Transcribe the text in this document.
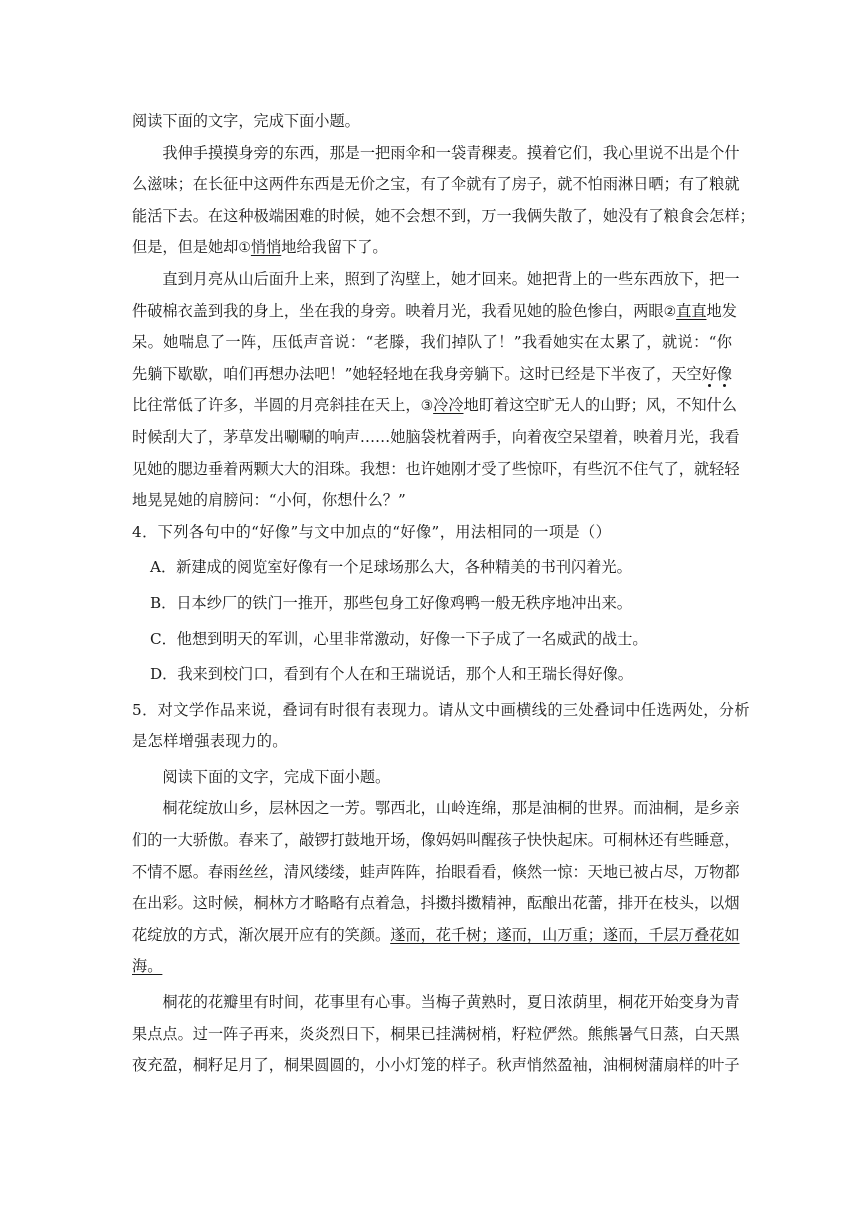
阅读下面的文字，完成下面小题。
我伸手摸摸身旁的东西，那是一把雨伞和一袋青稞麦。摸着它们，我心里说不出是个什
么滋味；在长征中这两件东西是无价之宝，有了伞就有了房子，就不怕雨淋日晒；有了粮就
能活下去。在这种极端困难的时候，她不会想不到，万一我俩失散了，她没有了粮食会怎样；
但是，但是她却①悄悄地给我留下了。
直到月亮从山后面升上来，照到了沟壁上，她才回来。她把背上的一些东西放下，把一
件破棉衣盖到我的身上，坐在我的身旁。映着月光，我看见她的脸色惨白，两眼②直直地发
呆。她喘息了一阵，压低声音说：“老滕，我们掉队了！”我看她实在太累了，就说：“你
先躺下歇歇，咱们再想办法吧！”她轻轻地在我身旁躺下。这时已经是下半夜了，天空好像
比往常低了许多，半圆的月亮斜挂在天上，③冷冷地盯着这空旷无人的山野；风，不知什么
时候刮大了，茅草发出唰唰的响声……她脑袋枕着两手，向着夜空呆望着，映着月光，我看
见她的腮边垂着两颗大大的泪珠。我想：也许她刚才受了些惊吓，有些沉不住气了，就轻轻
地晃晃她的肩膀问：“小何，你想什么？”
4．下列各句中的“好像”与文中加点的“好像”，用法相同的一项是（）
A．新建成的阅览室好像有一个足球场那么大，各种精美的书刊闪着光。
B．日本纱厂的铁门一推开，那些包身工好像鸡鸭一般无秩序地冲出来。
C．他想到明天的军训，心里非常激动，好像一下子成了一名威武的战士。
D．我来到校门口，看到有个人在和王瑞说话，那个人和王瑞长得好像。
5．对文学作品来说，叠词有时很有表现力。请从文中画横线的三处叠词中任选两处，分析
是怎样增强表现力的。
阅读下面的文字，完成下面小题。
桐花绽放山乡，层林因之一芳。鄂西北，山岭连绵，那是油桐的世界。而油桐，是乡亲
们的一大骄傲。春来了，敲锣打鼓地开场，像妈妈叫醒孩子快快起床。可桐林还有些睡意，
不情不愿。春雨丝丝，清风缕缕，蛙声阵阵，抬眼看看，倏然一惊：天地已被占尽，万物都
在出彩。这时候，桐林方才略略有点着急，抖擞抖擞精神，酝酿出花蕾，排开在枝头，以烟
花绽放的方式，渐次展开应有的笑颜。遂而，花千树；遂而，山万重；遂而，千层万叠花如
海。
桐花的花瓣里有时间，花事里有心事。当梅子黄熟时，夏日浓荫里，桐花开始变身为青
果点点。过一阵子再来，炎炎烈日下，桐果已挂满树梢，籽粒俨然。熊熊暑气日蒸，白天黑
夜充盈，桐籽足月了，桐果圆圆的，小小灯笼的样子。秋声悄然盈袖，油桐树蒲扇样的叶子
